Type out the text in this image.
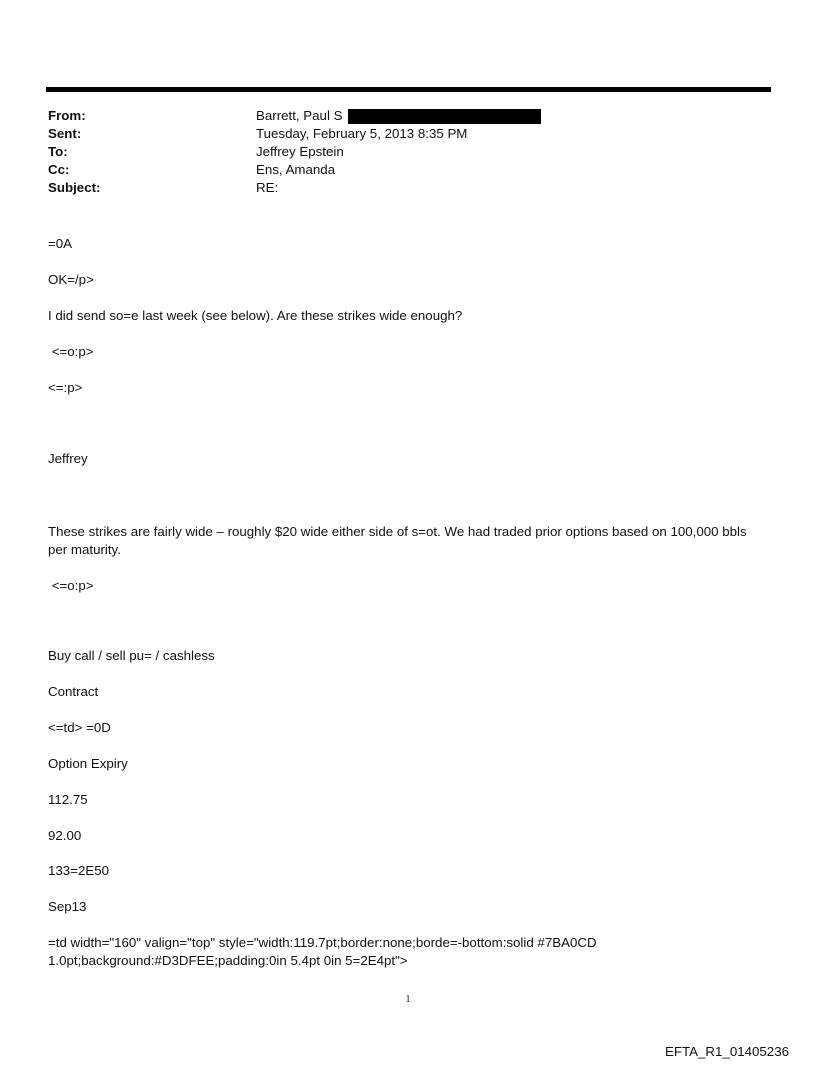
From:	Barrett, Paul S
Sent:	Tuesday, February 5, 2013 8:35 PM
To:	Jeffrey Epstein
Cc:	Ens, Amanda
Subject:	RE:
=0A
OK=/p>
I did send so=e last week (see below). Are these strikes wide enough?
<=o:p>
<=:p>
Jeffrey
These strikes are fairly wide – roughly $20 wide either side of s=ot. We had traded prior options based on 100,000 bbls per maturity.
<=o:p>
Buy call / sell pu= / cashless
Contract
<=td> =0D
Option Expiry
112.75
92.00
133=2E50
Sep13
=td width="160" valign="top" style="width:119.7pt;border:none;borde=-bottom:solid #7BA0CD 1.0pt;background:#D3DFEE;padding:0in 5.4pt 0in 5=2E4pt">
1
EFTA_R1_01405236
